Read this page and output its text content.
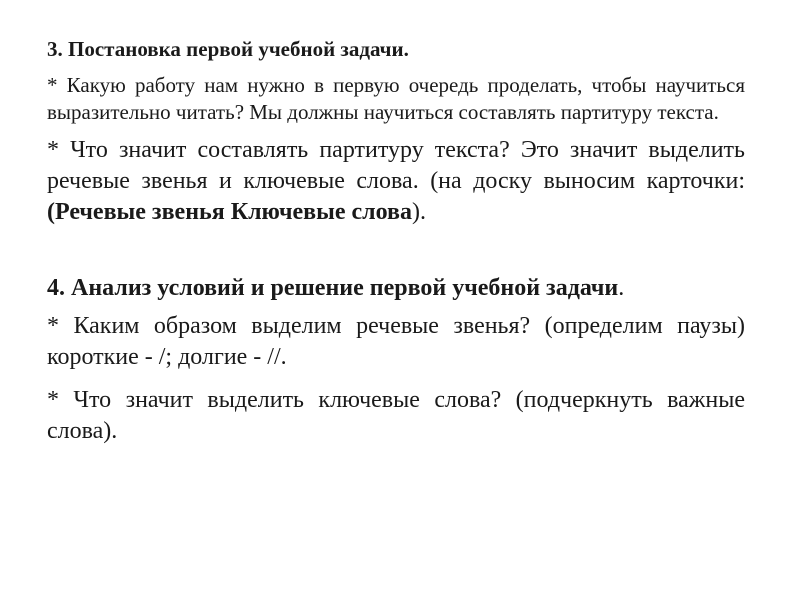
3. Постановка первой учебной задачи.

* Какую работу нам нужно в первую очередь проделать, чтобы научиться выразительно читать? Мы должны научиться составлять партитуру текста.

* Что значит составлять партитуру текста? Это значит выделить речевые звенья и ключевые слова. (на доску выносим карточки: (Речевые звенья Ключевые слова).

4. Анализ условий и решение первой учебной задачи.

* Каким образом выделим речевые звенья? (определим паузы) короткие - /; долгие - //.

* Что значит выделить ключевые слова? (подчеркнуть важные слова).
